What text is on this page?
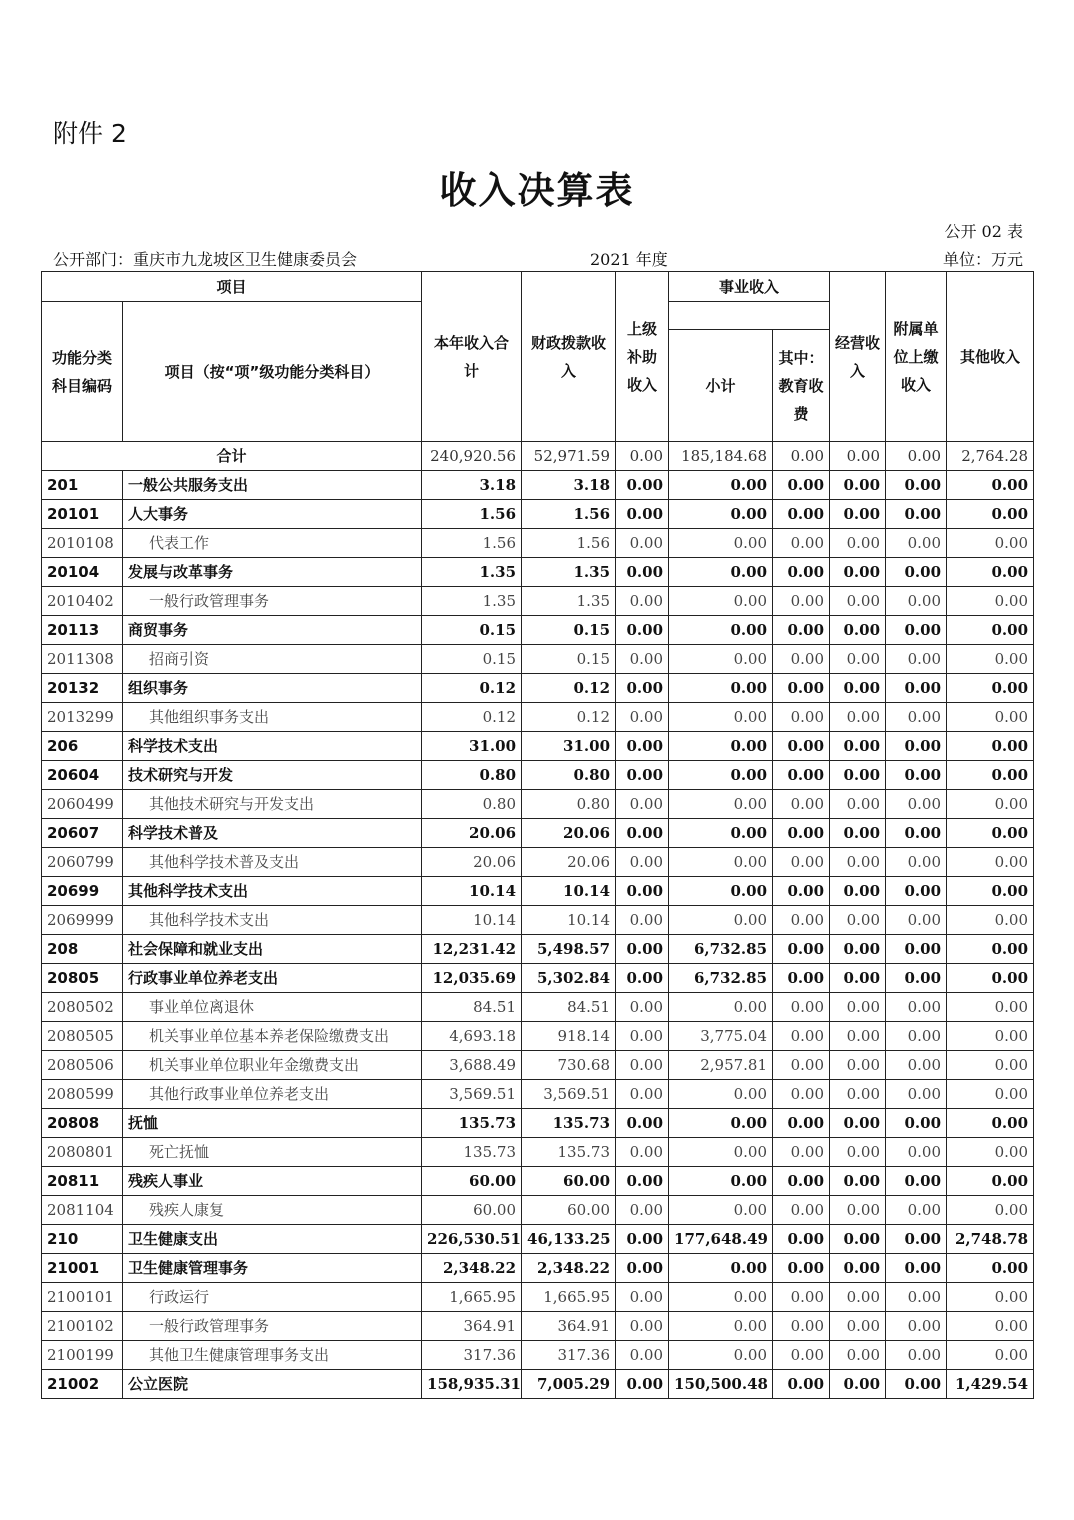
附件 2
收入决算表
公开 02 表
公开部门：重庆市九龙坡区卫生健康委员会	2021 年度	单位：万元
项目		本年收入合计	财政拨款收入	上级补助收入	事业收入		经营收入	附属单位上缴收入	其他收入
功能分类科目编码	项目（按“项”级功能分类科目）								
					小计	其中：教育收费			
合计		240,920.56	52,971.59	0.00	185,184.68	0.00	0.00	0.00	2,764.28
201	一般公共服务支出	3.18	3.18	0.00	0.00	0.00	0.00	0.00	0.00
20101	人大事务	1.56	1.56	0.00	0.00	0.00	0.00	0.00	0.00
2010108	代表工作	1.56	1.56	0.00	0.00	0.00	0.00	0.00	0.00
20104	发展与改革事务	1.35	1.35	0.00	0.00	0.00	0.00	0.00	0.00
2010402	一般行政管理事务	1.35	1.35	0.00	0.00	0.00	0.00	0.00	0.00
20113	商贸事务	0.15	0.15	0.00	0.00	0.00	0.00	0.00	0.00
2011308	招商引资	0.15	0.15	0.00	0.00	0.00	0.00	0.00	0.00
20132	组织事务	0.12	0.12	0.00	0.00	0.00	0.00	0.00	0.00
2013299	其他组织事务支出	0.12	0.12	0.00	0.00	0.00	0.00	0.00	0.00
206	科学技术支出	31.00	31.00	0.00	0.00	0.00	0.00	0.00	0.00
20604	技术研究与开发	0.80	0.80	0.00	0.00	0.00	0.00	0.00	0.00
2060499	其他技术研究与开发支出	0.80	0.80	0.00	0.00	0.00	0.00	0.00	0.00
20607	科学技术普及	20.06	20.06	0.00	0.00	0.00	0.00	0.00	0.00
2060799	其他科学技术普及支出	20.06	20.06	0.00	0.00	0.00	0.00	0.00	0.00
20699	其他科学技术支出	10.14	10.14	0.00	0.00	0.00	0.00	0.00	0.00
2069999	其他科学技术支出	10.14	10.14	0.00	0.00	0.00	0.00	0.00	0.00
208	社会保障和就业支出	12,231.42	5,498.57	0.00	6,732.85	0.00	0.00	0.00	0.00
20805	行政事业单位养老支出	12,035.69	5,302.84	0.00	6,732.85	0.00	0.00	0.00	0.00
2080502	事业单位离退休	84.51	84.51	0.00	0.00	0.00	0.00	0.00	0.00
2080505	机关事业单位基本养老保险缴费支出	4,693.18	918.14	0.00	3,775.04	0.00	0.00	0.00	0.00
2080506	机关事业单位职业年金缴费支出	3,688.49	730.68	0.00	2,957.81	0.00	0.00	0.00	0.00
2080599	其他行政事业单位养老支出	3,569.51	3,569.51	0.00	0.00	0.00	0.00	0.00	0.00
20808	抚恤	135.73	135.73	0.00	0.00	0.00	0.00	0.00	0.00
2080801	死亡抚恤	135.73	135.73	0.00	0.00	0.00	0.00	0.00	0.00
20811	残疾人事业	60.00	60.00	0.00	0.00	0.00	0.00	0.00	0.00
2081104	残疾人康复	60.00	60.00	0.00	0.00	0.00	0.00	0.00	0.00
210	卫生健康支出	226,530.51	46,133.25	0.00	177,648.49	0.00	0.00	0.00	2,748.78
21001	卫生健康管理事务	2,348.22	2,348.22	0.00	0.00	0.00	0.00	0.00	0.00
2100101	行政运行	1,665.95	1,665.95	0.00	0.00	0.00	0.00	0.00	0.00
2100102	一般行政管理事务	364.91	364.91	0.00	0.00	0.00	0.00	0.00	0.00
2100199	其他卫生健康管理事务支出	317.36	317.36	0.00	0.00	0.00	0.00	0.00	0.00
21002	公立医院	158,935.31	7,005.29	0.00	150,500.48	0.00	0.00	0.00	1,429.54
